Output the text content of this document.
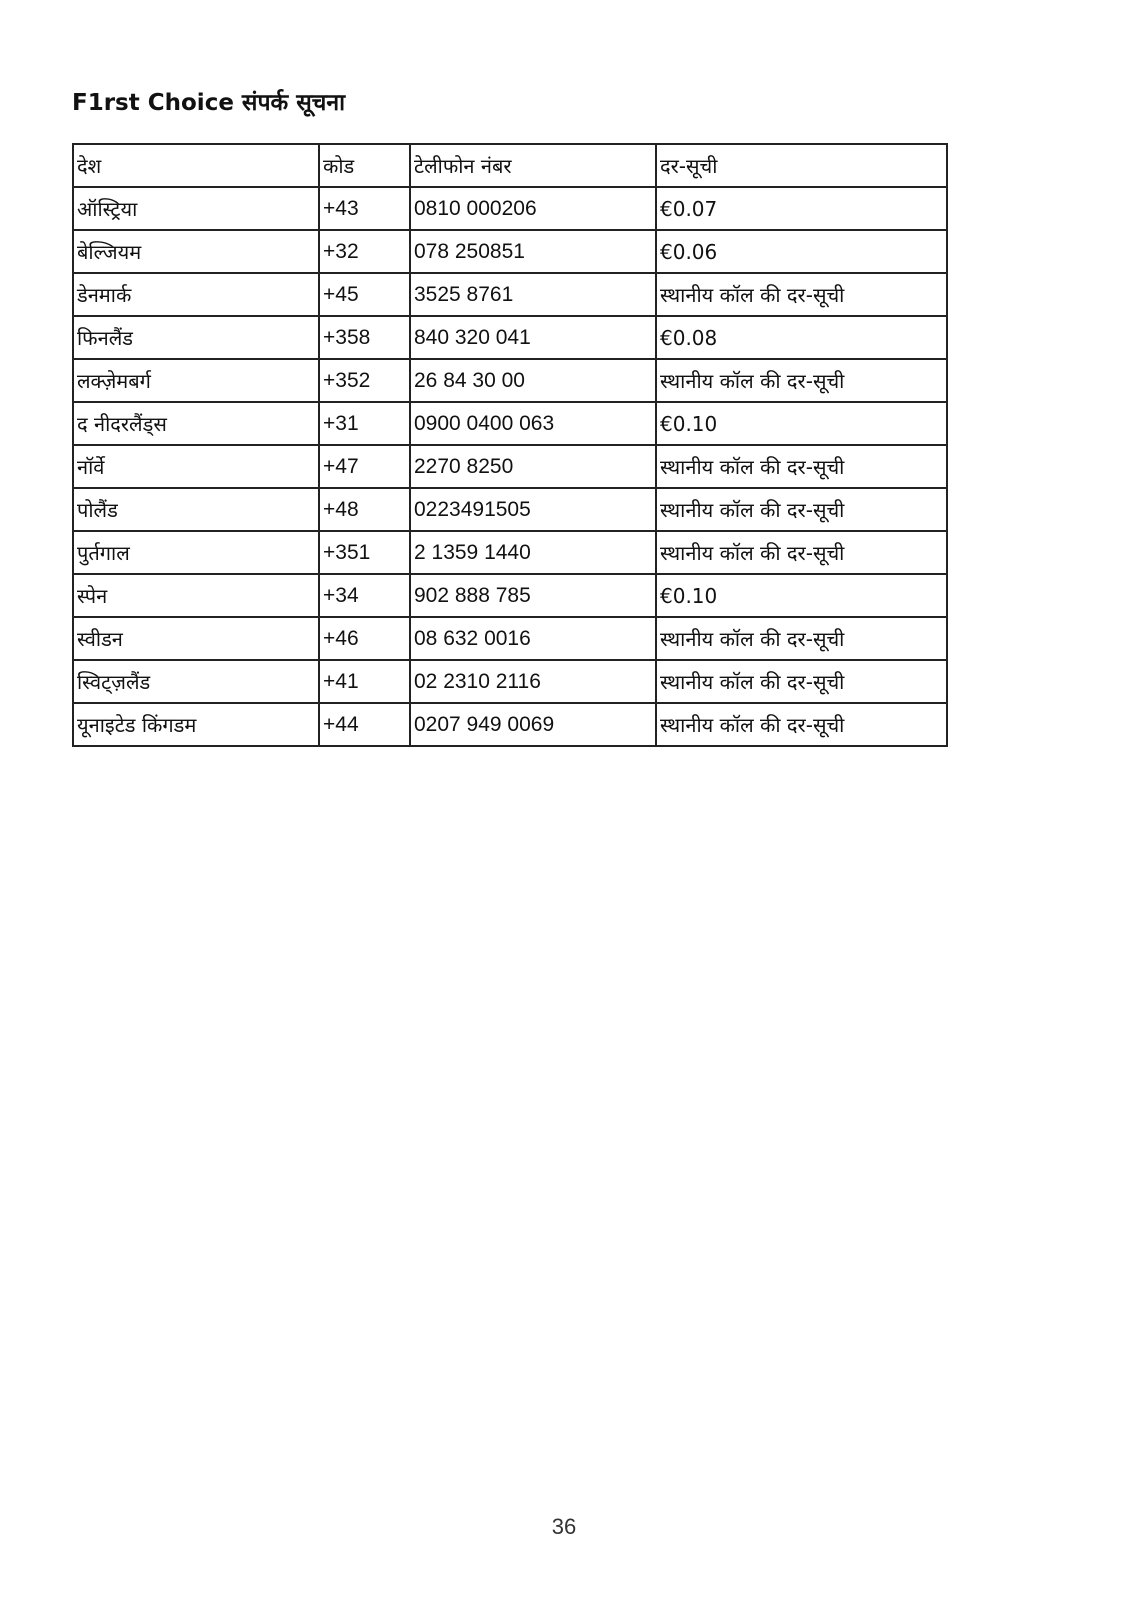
F1rst Choice संपर्क सूचना
देश	कोड	टेलीफोन नंबर	दर-सूची
ऑस्ट्रिया	+43	0810 000206	€0.07
बेल्जियम	+32	078 250851	€0.06
डेनमार्क	+45	3525 8761	स्थानीय कॉल की दर-सूची
फिनलैंड	+358	840 320 041	€0.08
लक्ज़ेमबर्ग	+352	26 84 30 00	स्थानीय कॉल की दर-सूची
द नीदरलैंड्स	+31	0900 0400 063	€0.10
नॉर्वे	+47	2270 8250	स्थानीय कॉल की दर-सूची
पोलैंड	+48	0223491505	स्थानीय कॉल की दर-सूची
पुर्तगाल	+351	2 1359 1440	स्थानीय कॉल की दर-सूची
स्पेन	+34	902 888 785	€0.10
स्वीडन	+46	08 632 0016	स्थानीय कॉल की दर-सूची
स्विट्ज़लैंड	+41	02 2310 2116	स्थानीय कॉल की दर-सूची
यूनाइटेड किंगडम	+44	0207 949 0069	स्थानीय कॉल की दर-सूची
36
